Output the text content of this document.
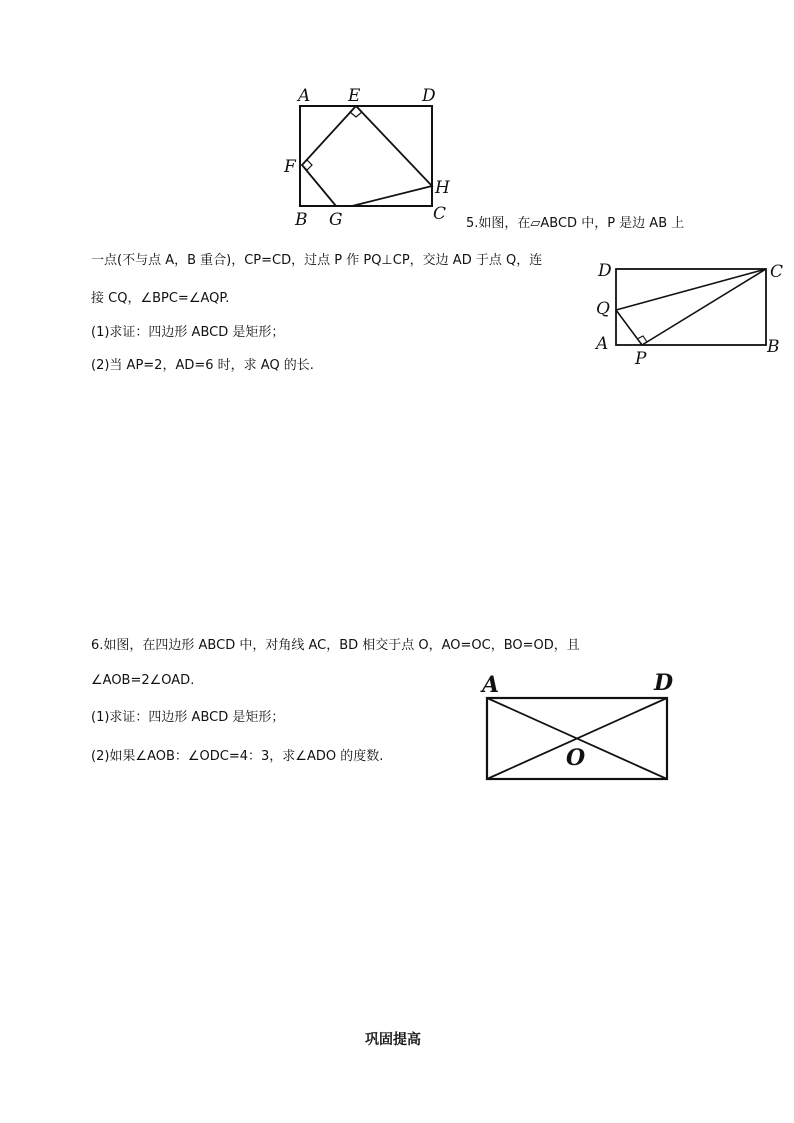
A E	D
F
H
B G	C 5.如图，在▱ABCD 中，P 是边 AB 上
一点(不与点 A，B 重合)，CP=CD，过点 P 作 PQ⊥CP，交边 AD 于点 Q，连
接 CQ，∠BPC=∠AQP.
(1)求证：四边形 ABCD 是矩形；
(2)当 AP=2，AD=6 时，求 AQ 的长.
D	C
Q
A
P
B
6.如图，在四边形 ABCD 中，对角线 AC，BD 相交于点 O，AO=OC，BO=OD，且
∠AOB=2∠OAD.
(1)求证：四边形 ABCD 是矩形；
(2)如果∠AOB：∠ODC=4：3，求∠ADO 的度数.
A	D
O
巩固提高
